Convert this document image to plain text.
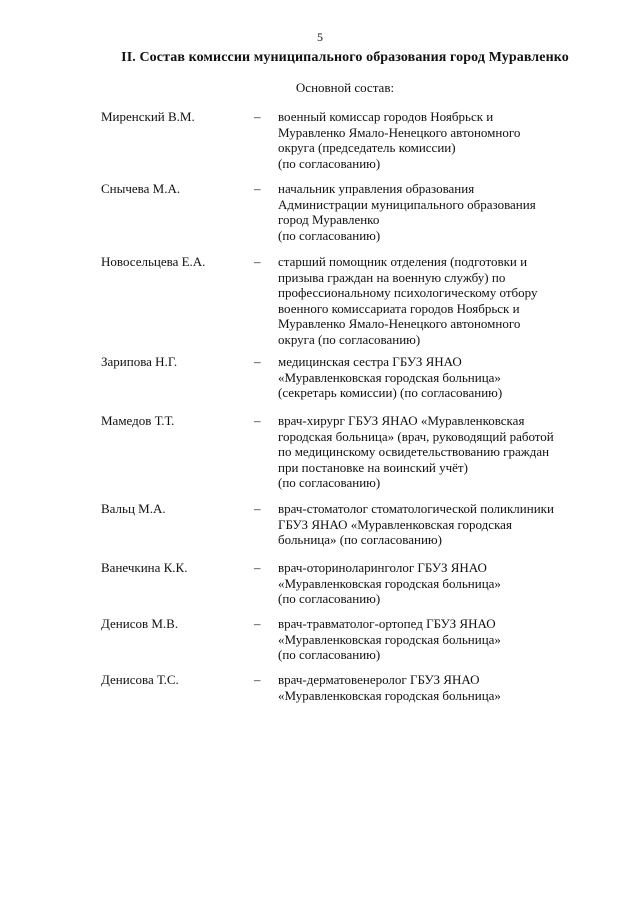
5
II. Состав комиссии муниципального образования город Муравленко
Основной состав:
Миренский В.М.	– военный комиссар городов Ноябрьск и
Муравленко Ямало-Ненецкого автономного
округа (председатель комиссии)
(по согласованию)
Снычева М.А.	– начальник управления образования
Администрации муниципального образования
город Муравленко
(по согласованию)
Новосельцева Е.А.	– старший помощник отделения (подготовки и
призыва граждан на военную службу) по
профессиональному психологическому отбору
военного комиссариата городов Ноябрьск и
Муравленко Ямало-Ненецкого автономного
округа (по согласованию)
Зарипова Н.Г.	– медицинская сестра ГБУЗ ЯНАО
«Муравленковская городская больница»
(секретарь комиссии) (по согласованию)
Мамедов Т.Т.	– врач-хирург ГБУЗ ЯНАО «Муравленковская
городская больница» (врач, руководящий работой
по медицинскому освидетельствованию граждан
при постановке на воинский учёт)
(по согласованию)
Вальц М.А.	– врач-стоматолог стоматологической поликлиники
ГБУЗ ЯНАО «Муравленковская городская
больница» (по согласованию)
Ванечкина К.К.	– врач-оториноларинголог ГБУЗ ЯНАО
«Муравленковская городская больница»
(по согласованию)
Денисов М.В.	– врач-травматолог-ортопед ГБУЗ ЯНАО
«Муравленковская городская больница»
(по согласованию)
Денисова Т.С.	– врач-дерматовенеролог ГБУЗ ЯНАО
«Муравленковская городская больница»
